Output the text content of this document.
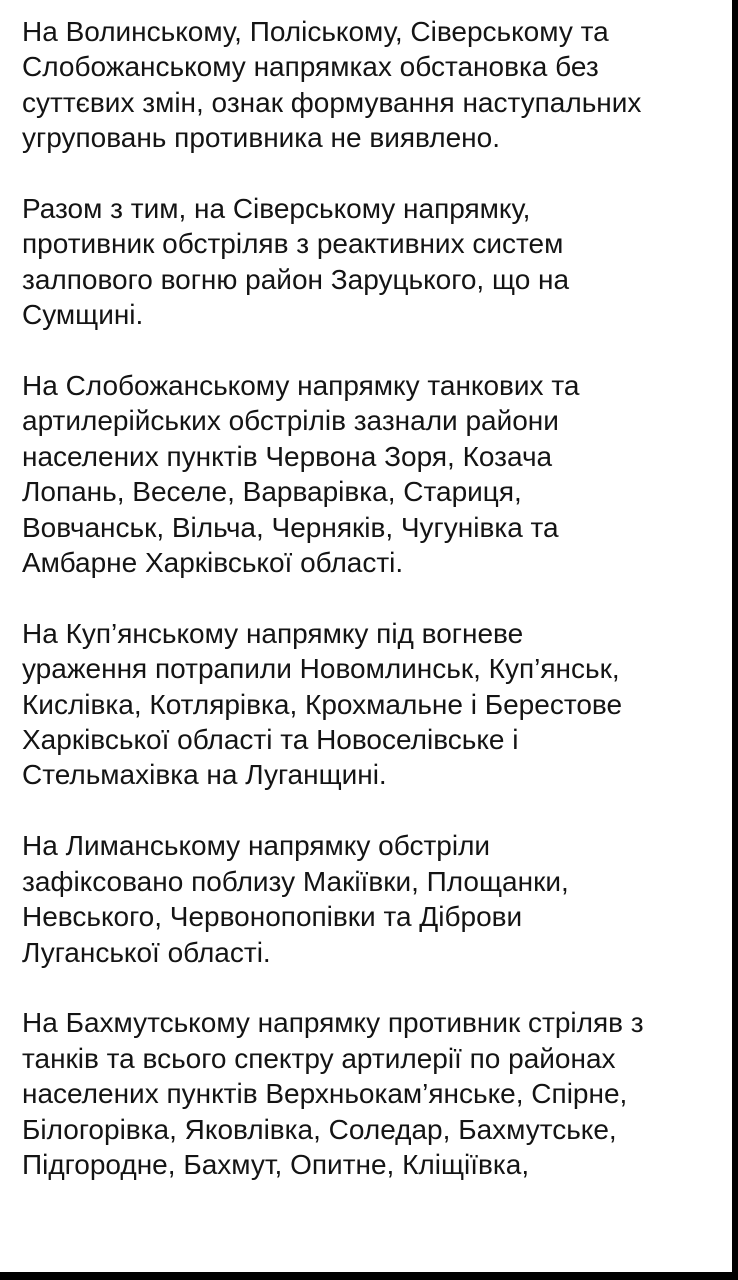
На Волинському, Поліському, Сіверському та
Слобожанському напрямках обстановка без
суттєвих змін, ознак формування наступальних
угруповань противника не виявлено.

Разом з тим, на Сіверському напрямку,
противник обстріляв з реактивних систем
залпового вогню район Заруцького, що на
Сумщині.

На Слобожанському напрямку танкових та
артилерійських обстрілів зазнали райони
населених пунктів Червона Зоря, Козача
Лопань, Веселе, Варварівка, Стариця,
Вовчанськ, Вільча, Черняків, Чугунівка та
Амбарне Харківської області.

На Куп’янському напрямку під вогневе
ураження потрапили Новомлинськ, Куп’янськ,
Кислівка, Котлярівка, Крохмальне і Берестове
Харківської області та Новоселівське і
Стельмахівка на Луганщині.

На Лиманському напрямку обстріли
зафіксовано поблизу Макіївки, Площанки,
Невського, Червонопопівки та Діброви
Луганської області.

На Бахмутському напрямку противник стріляв з
танків та всього спектру артилерії по районах
населених пунктів Верхньокам’янське, Спірне,
Білогорівка, Яковлівка, Соледар, Бахмутське,
Підгородне, Бахмут, Опитне, Кліщіївка,
